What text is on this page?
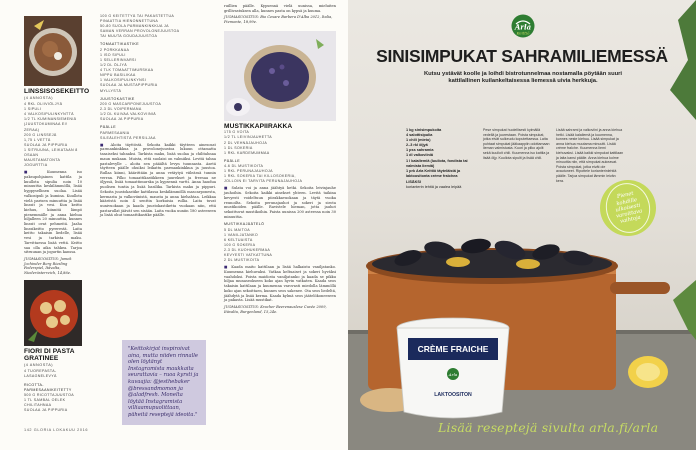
LINSSISOSEKEITTO
(4 ANNOSTA)
4 RKL OLIIVIÖLJYÄ
1 SIPULI
4 VALKOSIPULINKYNTTÄ
1/2 TL KUMINANSIEMENIÄ
(JUUSTOKUMINAA EI! ZERAA)
200 G LINSSEJÄ
1,75 L VETTÄ
SUOLAA JA PIPPURIA
1 SITRUUNA, LEIKATAAN 8 OSAAN
MAUSTAMATONTA JOGURTTIA
■ Kuumenna iso paksupohjainen kattila ja kuullota sipulia noin 10 minuuttia keskilämmöllä, lisää hyppysellinen suolaa. Lisää valkosipuli ja kumina. Kuullota vielä parisen minuuttia ja lisää linssit ja vesi. Kun keitto kiehuu, kiinnitä lämpö pienemmälle ja anna kiehua hiljalleen 20 minuuttia, kunnes linssit ovat pehmeitä. Jaaha linssikeitto pyrerestä. Laita keitto takaisin liedelle, lisää vesi ja tarkista maku. Tarvittaessa lisää vettä. Keitto saa olla aika tahkea. Tarjoa sitruunan ja jogurtin kanssa.
JUOMASUOSITUS: Jamek Jochinder Berg Riesling Federspiel, Itävalta, Niederösterreich, 14,86e.
FIORI DI PASTA GRATINEE
(4 ANNOSTA)
4 TUOREPASTA-LASAGNELEVYÄ
RICOTTA-PARMESAANIKEITETTY
500 G RICOTTAJUUSTOA
1 TL SAMBAL OELEK CHILITAHNAA
SUOLAA JA PIPPURIA
100 G KEITETTYÄ TAI PAKASTETTUA
PINAATTIA HIENONNETTUNA
50-80 SUOLA PARMANKINKKUA JA
SAMAN VERRAN PROVOLONEJUUSTOA
TAI MUUTA GOUDAJUUSTOA
TOMAATTIKASTIKE
2 PORKKANAA
1 ISO SIPULI
1 SELLERINVARSI
1/2 DL ÖLJYÄ
4 TLK TOMAATTIMURSKAA
NIPPU BASILIKAA
1 VALKOSIPULINKYNSI
SUOLAA JA MUSTAPIPPURIA
MYLLYSTÄ
JUUSTOKASTIKE
200 G MASCARPONEJUUSTOA
2-3 DL VOIPERMANA
1/2 DL KUIVAA VALKOVIINIÄ
SUOLAA JA PIPPURIA
PÄÄLLE
PARMESAANIA
SILEÄLEHTISTÄ PERSILJAA
■ Aloita täyttöstä. Sekoita kaikki täytteen ainesosat parmankinkkua ja provolonejuustoa lukuun ottamatta tasaiseksi tahnaksi. Tarkista maku, lisää suolaa ja chilitahnaa maun mukaan. Muista, että suolaisi on valmiiksi. Levitä tahna pastalevylle – aloita sen pääältä levyn tuunnasta. Asetä täytteen päälle ohuiksi leikattu parmankinkkua ja juustoa. Rullaa kiinni, käärittään ja anna vetäytyä viileässä tunnin verran. Pilko tomaattikastikkeen juurekset ja freesaa ne öljyssä, lisää tomaattimurska ja kypsennä vartti. Anna haudua puolisen tuntia ja lisää basilika. Tarkista maku ja pippuri. Sekoita juustokastike kattilassa keskilämmöllä mascarponesta, kermasta ja valkoviinistä, mausta ja anna kiehahtaa. Leikkaa kääröstä noin 4 senttin korkuisia rullia. Laita tuvat uunivuokaan ja kaada juustokastiketta vuokaan niin, että pastarullat jäävät sen sisään. Laita vuoka uuniin 180 asteeseen ja lisää ohut tomaattikastike päälle.
"Keittokirjat inspiroivat aina, mutta niiden rinnalle olen löytänyt Instagramista maukkaita seurattavia – ruoa kyrsti ja kuvaajia: @jesthebaker @bressandmomon ja @aladfresh. Monelta löytää Instagramista villiaamupuolittaan, päheitä reseptejä ideoita."
ruillien päälle. Kypsennä vielä uunissa, mieluiten grillivastuksen alla, kunnes pasta on kypsä ja kuuma.
JUOMASUOSITUS: Bio Cesare Barbera D'Alba 2012, Italia, Piemonte, 18,99e.
MUSTIKKAPIIRAKKA
175 G VOITA
1/2 TL LEIVINJAUHETTA
2 DL VEHNÄJAUHOJA
1 DL SOKERIA
1 RKL KARDEMUMMAA
PÄÄLLE
4-6 DL MUSTIKOITA
1 RKL PERUNAJAUHOJA
1 RKL SOKERIA TAI KILLOSOKERIA,
JOLLOIN EI TARVITA PERUNAJAUHOJA
■ Sulata voi ja anna jäähtyä hetki. Sekoita leivinjauhe jauhoihin. Sekoita kaikki ainekset yhteen. Levitä taikina kevyesti voideltuun piirakkavuokaan ja täytä vuoka reunoilta. Sekoita perunajauhot ja sokeri ja sirota mustikoiden päälle. Ravistele hieman, jotta jauhot sekoittuvat mustikoihin. Paista uunissa 200 asteessa noin 30 minuuttia.
MUSTIKKAJÄÄTELÖ
5 DL MAITOA
1 VANILJATANKO
6 KELTUAISTA
100 G SOKERIA
2-3 DL KUOHUKERMAA
KEVYESTI VATKATTUNA
2 DL MUSTIKOITA
■ Kaada maito kattilaan ja lisää halkaistu vaniljatanko. Kuumenna kiehuvaksi. Vatkaa keltuaiset ja sokeri hyväksi vaahdoksi. Poista maidosta vaniljatanko ja kaada se pikku hiljaa munaseokseen koko ajan hyvin vatkaten. Kaada seos takaisin kattilaan ja kuumenna varovasti miedolla lämmöllä koko ajan sekoittaen, kunnes seos sakenee. Ota seos liedeltä, jäähdytä ja lisää kerma. Kaada kylmä seos jäätelökoneeseen ja pakasta. Lisää mustikat.
JUOMASUOSITUS: Kracher Beerenauslese Cuvée 2009, Itävalta, Burgenland, 15,24e.
142 GLORIA LOKAKUU 2016
Arla
Keittiö
SINISIMPUKAT SAHRAMILIEMESSÄ
Kutsu ystävät koolle ja loihdi bistrotunnelmaa nostamalla pöytään suuri kattilallinen kuilankeltaisessa liemessä uivia herkkuja.
1 kg sinisimpukoita
4 salottisipulia
1 chili (mieto)
2–3 rkl öljyä
1 pss sahramia
1 dl valkoviiniä
1 l kalaliemiä (luuliota, fondista tai valmista liemiä)
1 prk Arla Keittiö täyteläistä ja laktoositonta crème fraîchea
LISÄKSI
korianterin lehtiä ja vaalea leipää
Pese simpukat huolellisesti kylmällä vedellä ja juurestaan. Poista simpukat, jotka eivät sulkeudu koputettaessa. Laita puhtaat simpukat jääkaappiin odottamaan lieman valmistusta. Kuori ja pilko ajolit sekä kuulloit chili. Kuumenna iso kattila ja lisää öljy. Kuullota sipulit ja lisää chili.
Lisää sahrami ja valkoviini ja anna kiehua hetki. Lisää kalaliemä ja kuumenna, kunnes neste kiehuu. Lisää simpukat ja anna kiehua muutama minuutti. Lisää crème fraîche. Kuumenna liemi kiehuvaksi. Lisää kaikki simpukat kattilaan ja laita kansi päälle. Anna kiehua kolme minuuttia niin, että simpukat aukeavat. Poista simpukat, jotka eivät ole avautuneet. Ripottele korianterinlehtiä päälle. Tarjoa simpukat lämmin leivän kera.
Pienet kohdille ulkoisesti varoittava vaihtoja
Arla
CRÈME FRAICHE
LAKTOOSITON
Lisää reseptejä sivulta arla.fi/arla
